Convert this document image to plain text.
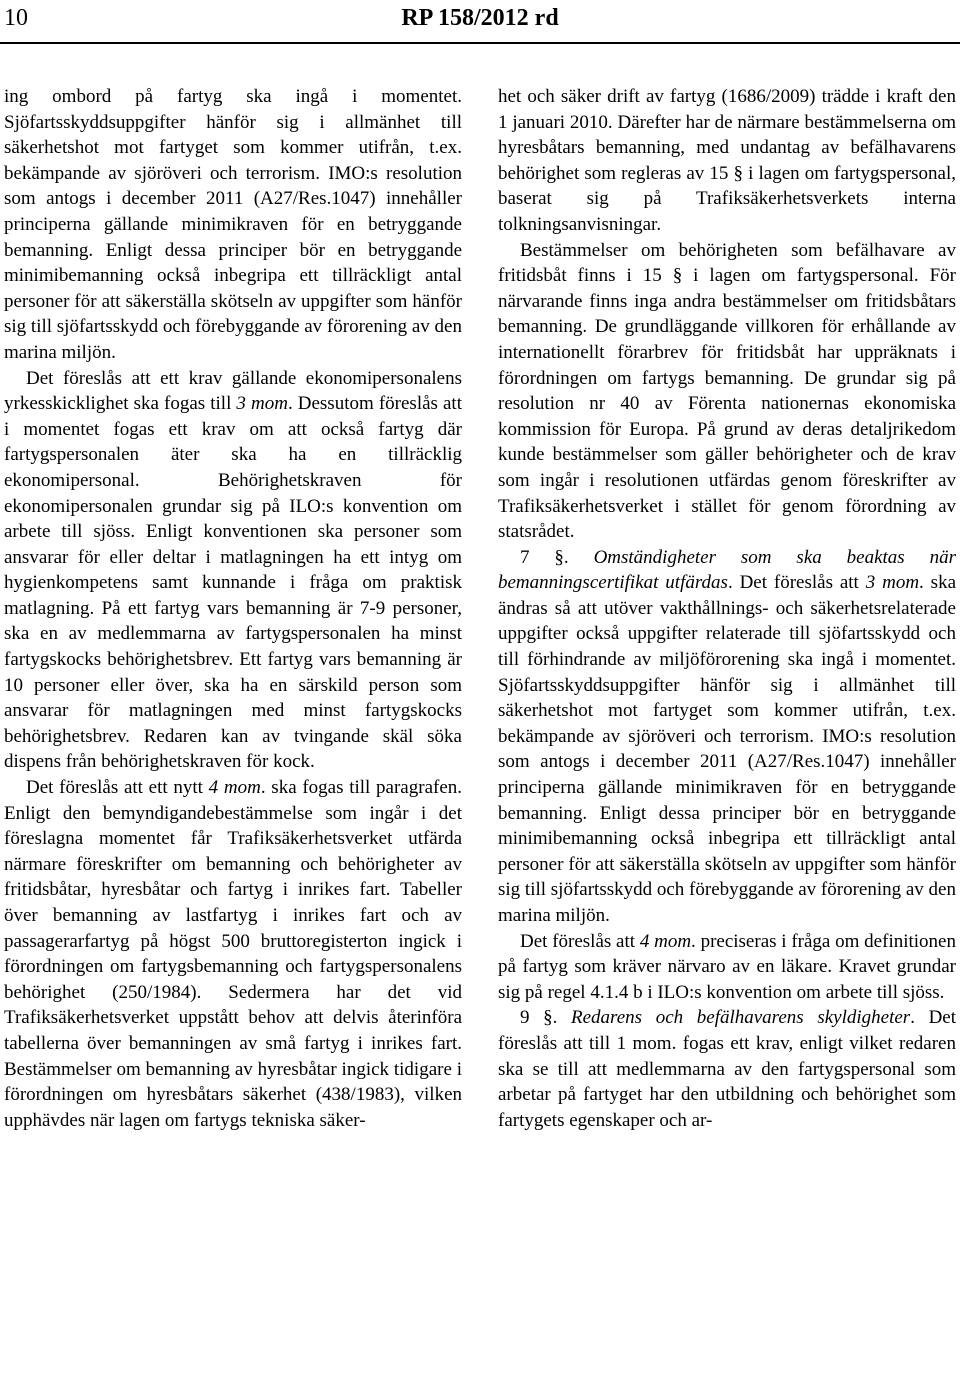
10	RP 158/2012 rd

ing ombord på fartyg ska ingå i momentet. Sjöfartsskyddsuppgifter hänför sig i allmänhet till säkerhetshot mot fartyget som kommer utifrån, t.ex. bekämpande av sjöröveri och terrorism. IMO:s resolution som antogs i december 2011 (A27/Res.1047) innehåller principerna gällande minimikraven för en betryggande bemanning. Enligt dessa principer bör en betryggande minimibemanning också inbegripa ett tillräckligt antal personer för att säkerställa skötseln av uppgifter som hänför sig till sjöfartsskydd och förebyggande av förorening av den marina miljön.

Det föreslås att ett krav gällande ekonomipersonalens yrkesskicklighet ska fogas till 3 mom. Dessutom föreslås att i momentet fogas ett krav om att också fartyg där fartygspersonalen äter ska ha en tillräcklig ekonomipersonal. Behörighetskraven för ekonomipersonalen grundar sig på ILO:s konvention om arbete till sjöss. Enligt konventionen ska personer som ansvarar för eller deltar i matlagningen ha ett intyg om hygienkompetens samt kunnande i fråga om praktisk matlagning. På ett fartyg vars bemanning är 7-9 personer, ska en av medlemmarna av fartygspersonalen ha minst fartygskocks behörighetsbrev. Ett fartyg vars bemanning är 10 personer eller över, ska ha en särskild person som ansvarar för matlagningen med minst fartygskocks behörighetsbrev. Redaren kan av tvingande skäl söka dispens från behörighetskraven för kock.

Det föreslås att ett nytt 4 mom. ska fogas till paragrafen. Enligt den bemyndigandebestämmelse som ingår i det föreslagna momentet får Trafiksäkerhetsverket utfärda närmare föreskrifter om bemanning och behörigheter av fritidsbåtar, hyresbåtar och fartyg i inrikes fart. Tabeller över bemanning av lastfartyg i inrikes fart och av passagerarfartyg på högst 500 bruttoregisterton ingick i förordningen om fartygsbemanning och fartygspersonalens behörighet (250/1984). Sedermera har det vid Trafiksäkerhetsverket uppstått behov att delvis återinföra tabellerna över bemanningen av små fartyg i inrikes fart. Bestämmelser om bemanning av hyresbåtar ingick tidigare i förordningen om hyresbåtars säkerhet (438/1983), vilken upphävdes när lagen om fartygs tekniska säker-

het och säker drift av fartyg (1686/2009) trädde i kraft den 1 januari 2010. Därefter har de närmare bestämmelserna om hyresbåtars bemanning, med undantag av befälhavarens behörighet som regleras av 15 § i lagen om fartygspersonal, baserat sig på Trafiksäkerhetsverkets interna tolkningsanvisningar.

Bestämmelser om behörigheten som befälhavare av fritidsbåt finns i 15 § i lagen om fartygspersonal. För närvarande finns inga andra bestämmelser om fritidsbåtars bemanning. De grundläggande villkoren för erhållande av internationellt förarbrev för fritidsbåt har uppräknats i förordningen om fartygs bemanning. De grundar sig på resolution nr 40 av Förenta nationernas ekonomiska kommission för Europa. På grund av deras detaljrikedom kunde bestämmelser som gäller behörigheter och de krav som ingår i resolutionen utfärdas genom föreskrifter av Trafiksäkerhetsverket i stället för genom förordning av statsrådet.

7 §. Omständigheter som ska beaktas när bemanningscertifikat utfärdas. Det föreslås att 3 mom. ska ändras så att utöver vakthållnings- och säkerhetsrelaterade uppgifter också uppgifter relaterade till sjöfartsskydd och till förhindrande av miljöförorening ska ingå i momentet. Sjöfartsskyddsuppgifter hänför sig i allmänhet till säkerhetshot mot fartyget som kommer utifrån, t.ex. bekämpande av sjöröveri och terrorism. IMO:s resolution som antogs i december 2011 (A27/Res.1047) innehåller principerna gällande minimikraven för en betryggande bemanning. Enligt dessa principer bör en betryggande minimibemanning också inbegripa ett tillräckligt antal personer för att säkerställa skötseln av uppgifter som hänför sig till sjöfartsskydd och förebyggande av förorening av den marina miljön.

Det föreslås att 4 mom. preciseras i fråga om definitionen på fartyg som kräver närvaro av en läkare. Kravet grundar sig på regel 4.1.4 b i ILO:s konvention om arbete till sjöss.

9 §. Redarens och befälhavarens skyldigheter. Det föreslås att till 1 mom. fogas ett krav, enligt vilket redaren ska se till att medlemmarna av den fartygspersonal som arbetar på fartyget har den utbildning och behörighet som fartygets egenskaper och ar-
